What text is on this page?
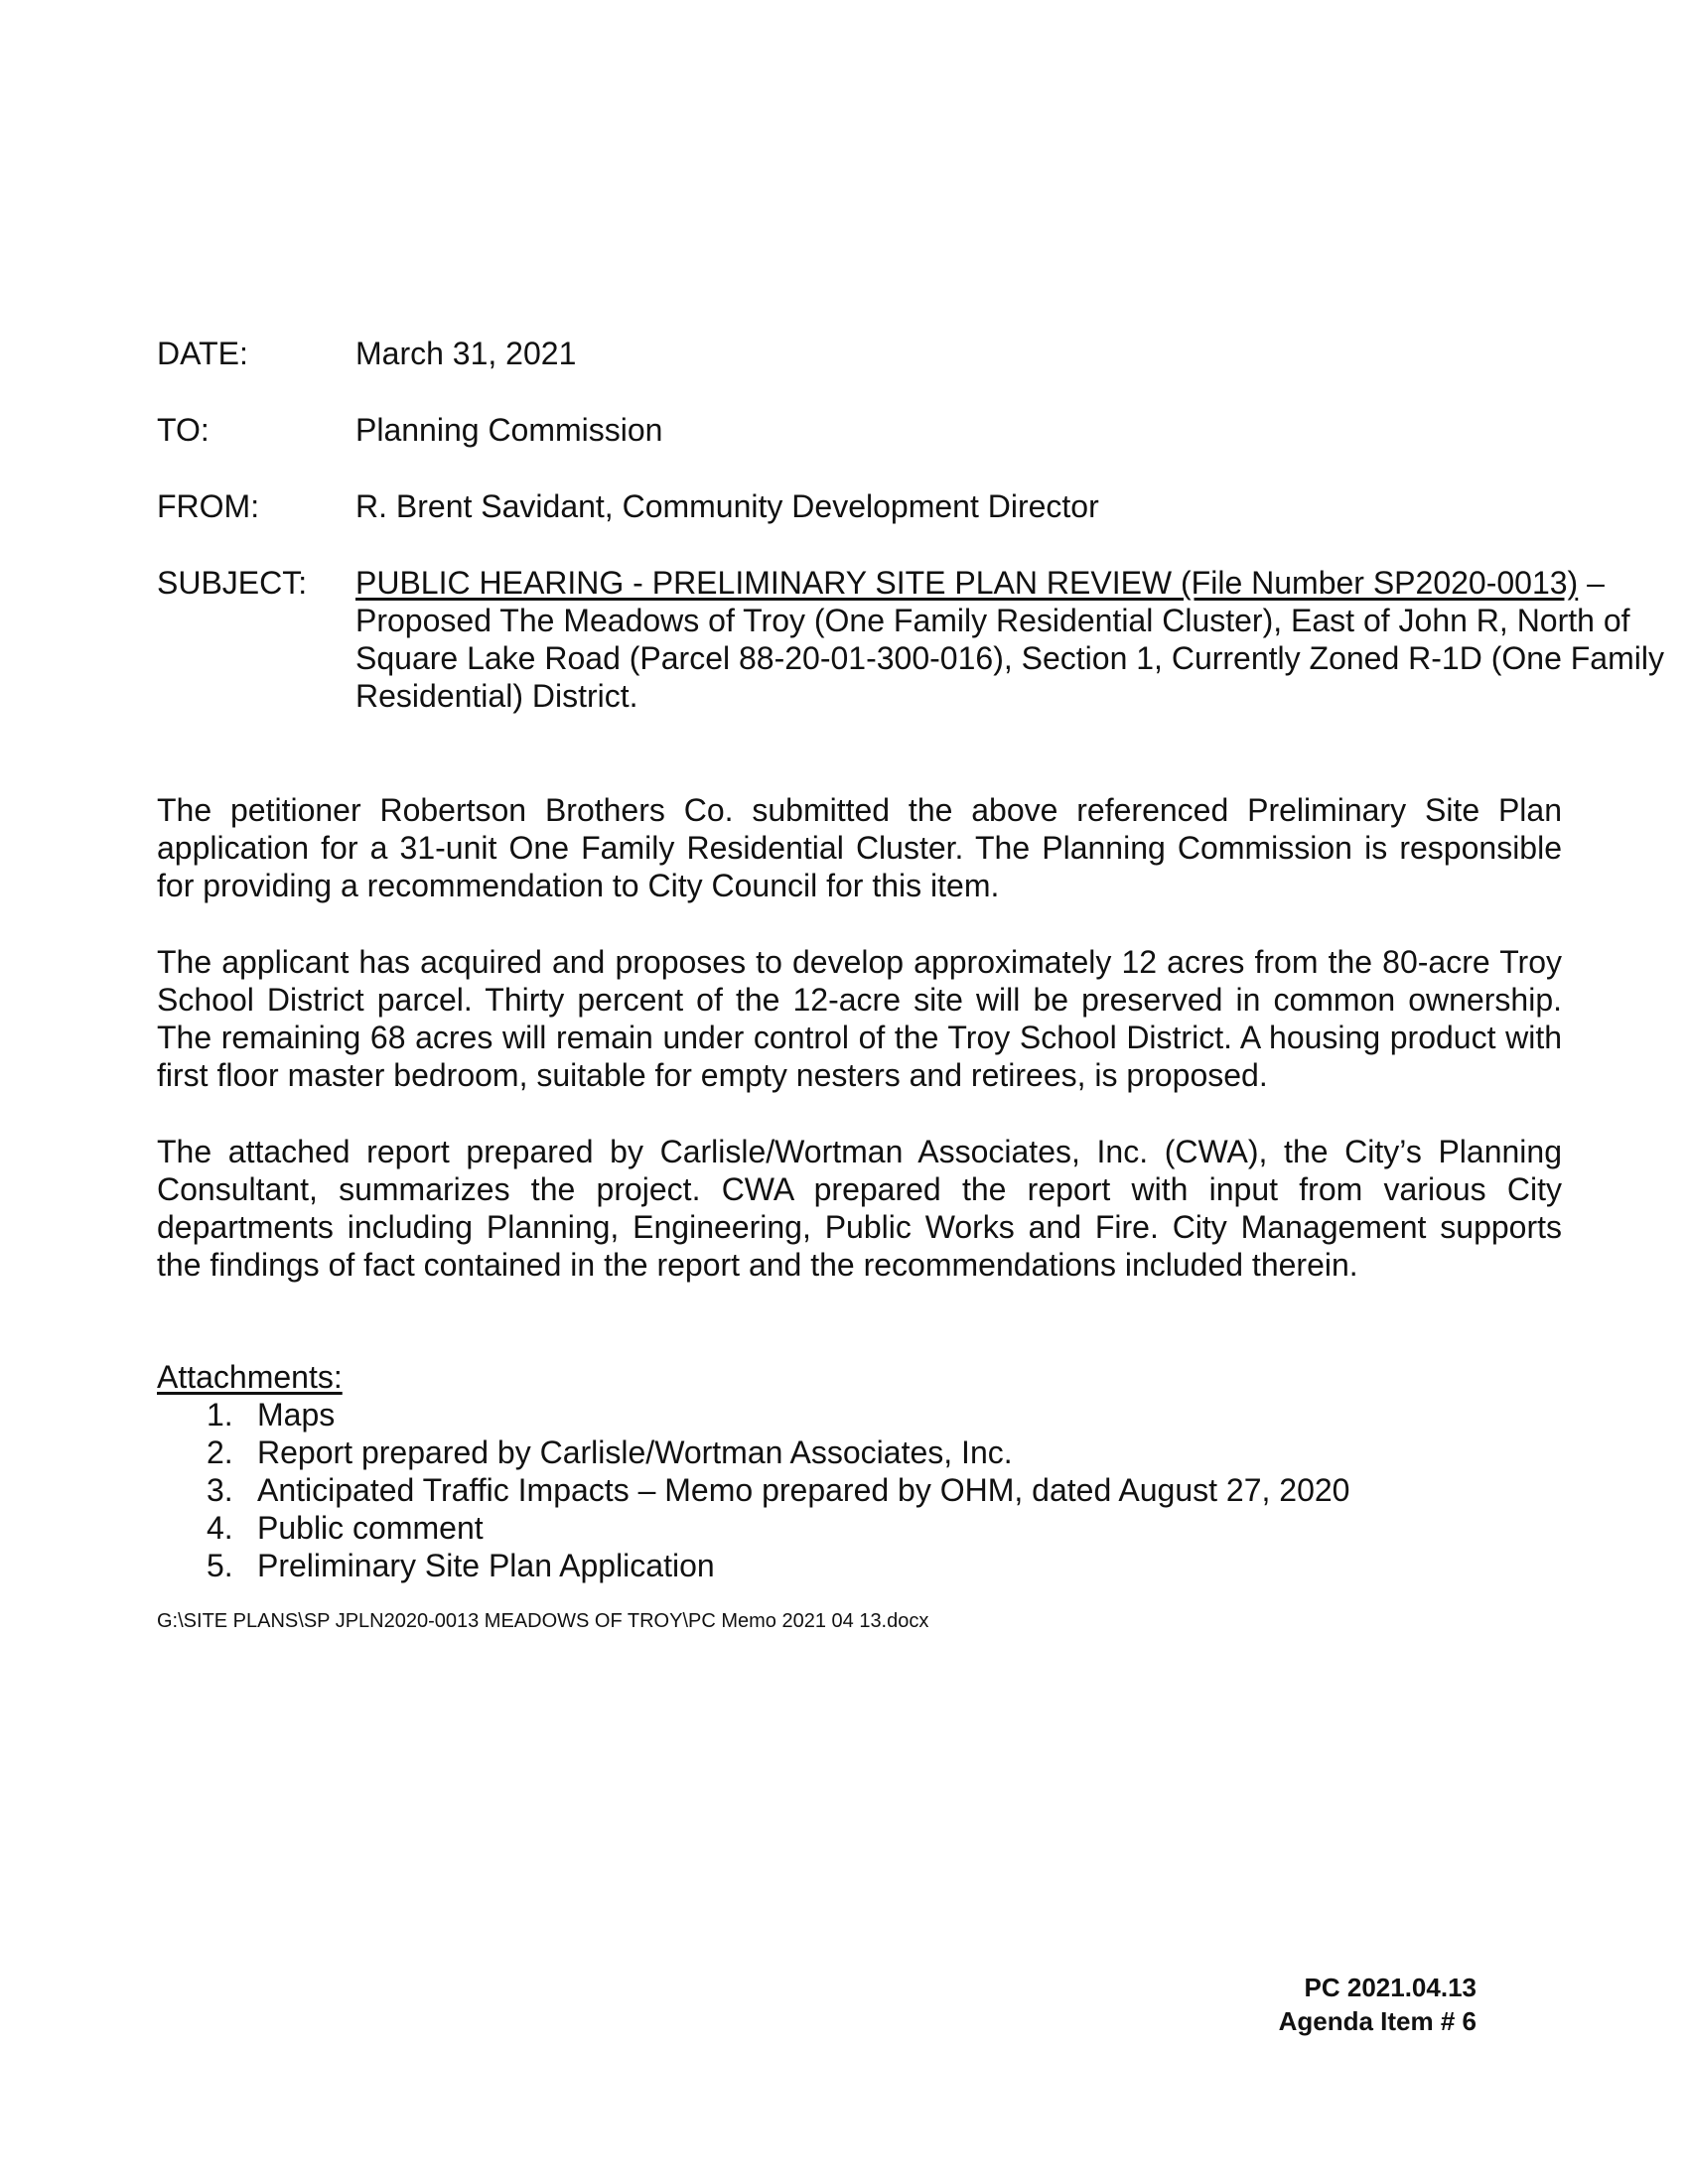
DATE:	March 31, 2021
TO:	Planning Commission
FROM:	R. Brent Savidant, Community Development Director
SUBJECT:	PUBLIC HEARING - PRELIMINARY SITE PLAN REVIEW (File Number SP2020-0013) – Proposed The Meadows of Troy (One Family Residential Cluster), East of John R, North of Square Lake Road (Parcel 88-20-01-300-016), Section 1, Currently Zoned R-1D (One Family Residential) District.

The petitioner Robertson Brothers Co. submitted the above referenced Preliminary Site Plan application for a 31-unit One Family Residential Cluster. The Planning Commission is responsible for providing a recommendation to City Council for this item.

The applicant has acquired and proposes to develop approximately 12 acres from the 80-acre Troy School District parcel. Thirty percent of the 12-acre site will be preserved in common ownership. The remaining 68 acres will remain under control of the Troy School District. A housing product with first floor master bedroom, suitable for empty nesters and retirees, is proposed.

The attached report prepared by Carlisle/Wortman Associates, Inc. (CWA), the City’s Planning Consultant, summarizes the project. CWA prepared the report with input from various City departments including Planning, Engineering, Public Works and Fire. City Management supports the findings of fact contained in the report and the recommendations included therein.

Attachments:
1. Maps
2. Report prepared by Carlisle/Wortman Associates, Inc.
3. Anticipated Traffic Impacts – Memo prepared by OHM, dated August 27, 2020
4. Public comment
5. Preliminary Site Plan Application
G:\SITE PLANS\SP JPLN2020-0013 MEADOWS OF TROY\PC Memo 2021 04 13.docx
PC 2021.04.13
Agenda Item # 6
